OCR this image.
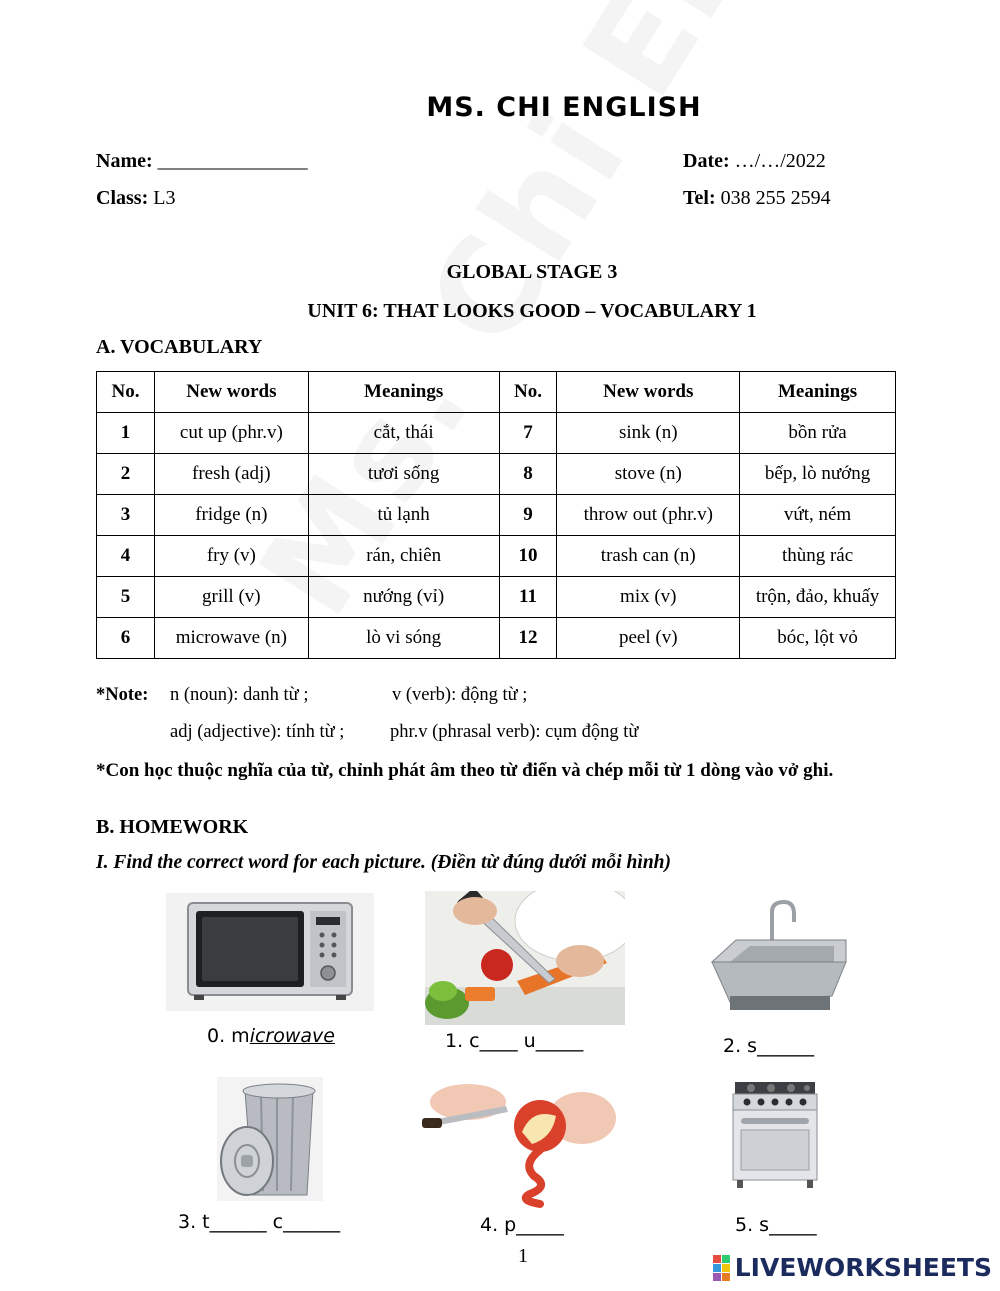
MS. CHI ENGLISH
Name: _______________	Date: …/…/2022
Class: L3	Tel: 038 255 2594
GLOBAL STAGE 3
UNIT 6: THAT LOOKS GOOD – VOCABULARY 1
A. VOCABULARY
No.	New words	Meanings	No.	New words	Meanings
1	cut up (phr.v)	cắt, thái	7	sink (n)	bồn rửa
2	fresh (adj)	tươi sống	8	stove (n)	bếp, lò nướng
3	fridge (n)	tủ lạnh	9	throw out (phr.v)	vứt, ném
4	fry (v)	rán, chiên	10	trash can (n)	thùng rác
5	grill (v)	nướng (vỉ)	11	mix (v)	trộn, đảo, khuấy
6	microwave (n)	lò vi sóng	12	peel (v)	bóc, lột vỏ
*Note: n (noun): danh từ ;	v (verb): động từ ;
adj (adjective): tính từ ; phr.v (phrasal verb): cụm động từ
*Con học thuộc nghĩa của từ, chỉnh phát âm theo từ điển và chép mỗi từ 1 dòng vào vở ghi.
B. HOMEWORK
I. Find the correct word for each picture. (Điền từ đúng dưới mỗi hình)
0. microwave	1. c____ u_____	2. s______
3. t______ c______	4. p_____	5. s_____
1	LIVEWORKSHEETS
